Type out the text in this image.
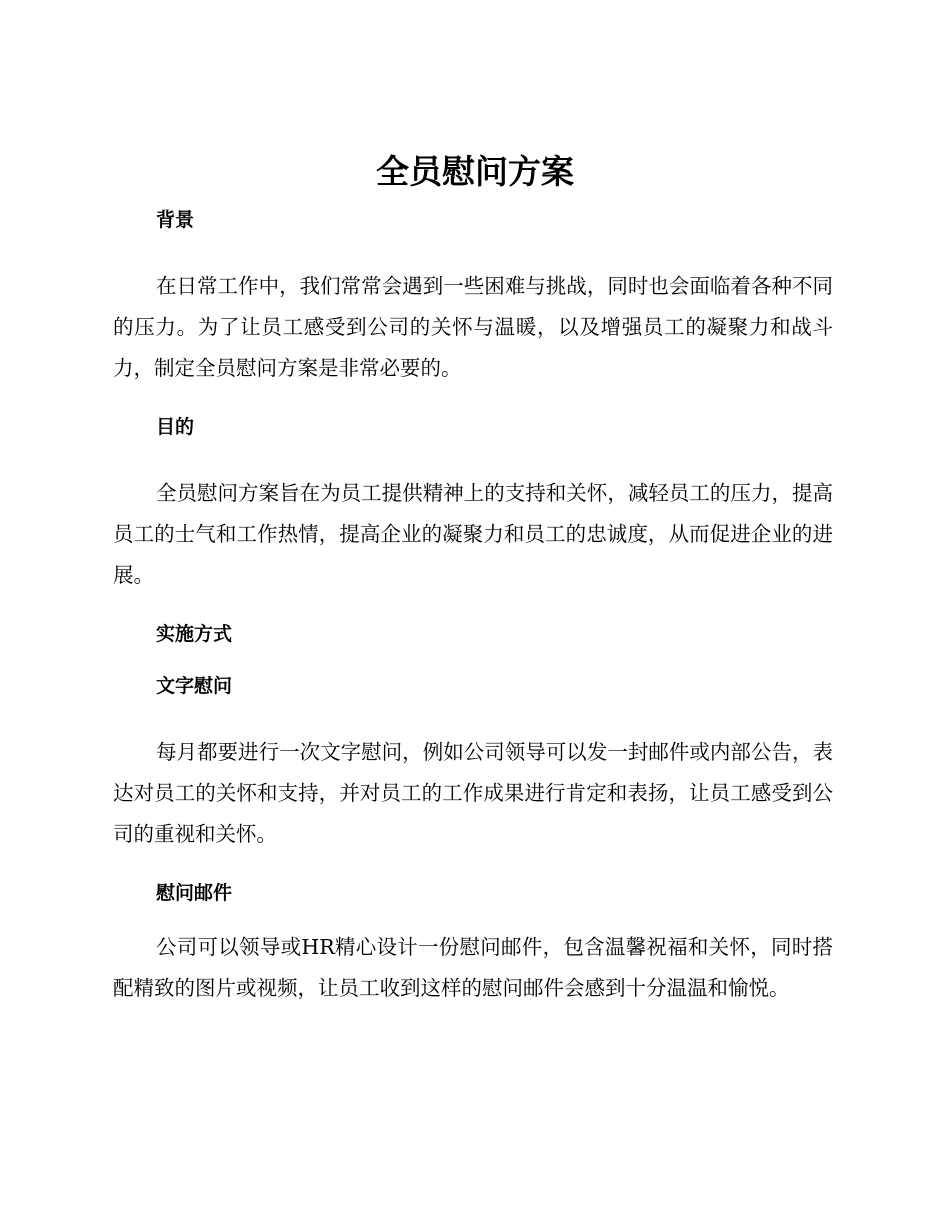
全员慰问方案
背景

在日常工作中，我们常常会遇到一些困难与挑战，同时也会面临着各种不同的压力。为了让员工感受到公司的关怀与温暖，以及增强员工的凝聚力和战斗力，制定全员慰问方案是非常必要的。

目的

全员慰问方案旨在为员工提供精神上的支持和关怀，减轻员工的压力，提高员工的士气和工作热情，提高企业的凝聚力和员工的忠诚度，从而促进企业的进展。

实施方式
文字慰问

每月都要进行一次文字慰问，例如公司领导可以发一封邮件或内部公告，表达对员工的关怀和支持，并对员工的工作成果进行肯定和表扬，让员工感受到公司的重视和关怀。

慰问邮件

公司可以领导或HR精心设计一份慰问邮件，包含温馨祝福和关怀，同时搭配精致的图片或视频，让员工收到这样的慰问邮件会感到十分温温和愉悦。
